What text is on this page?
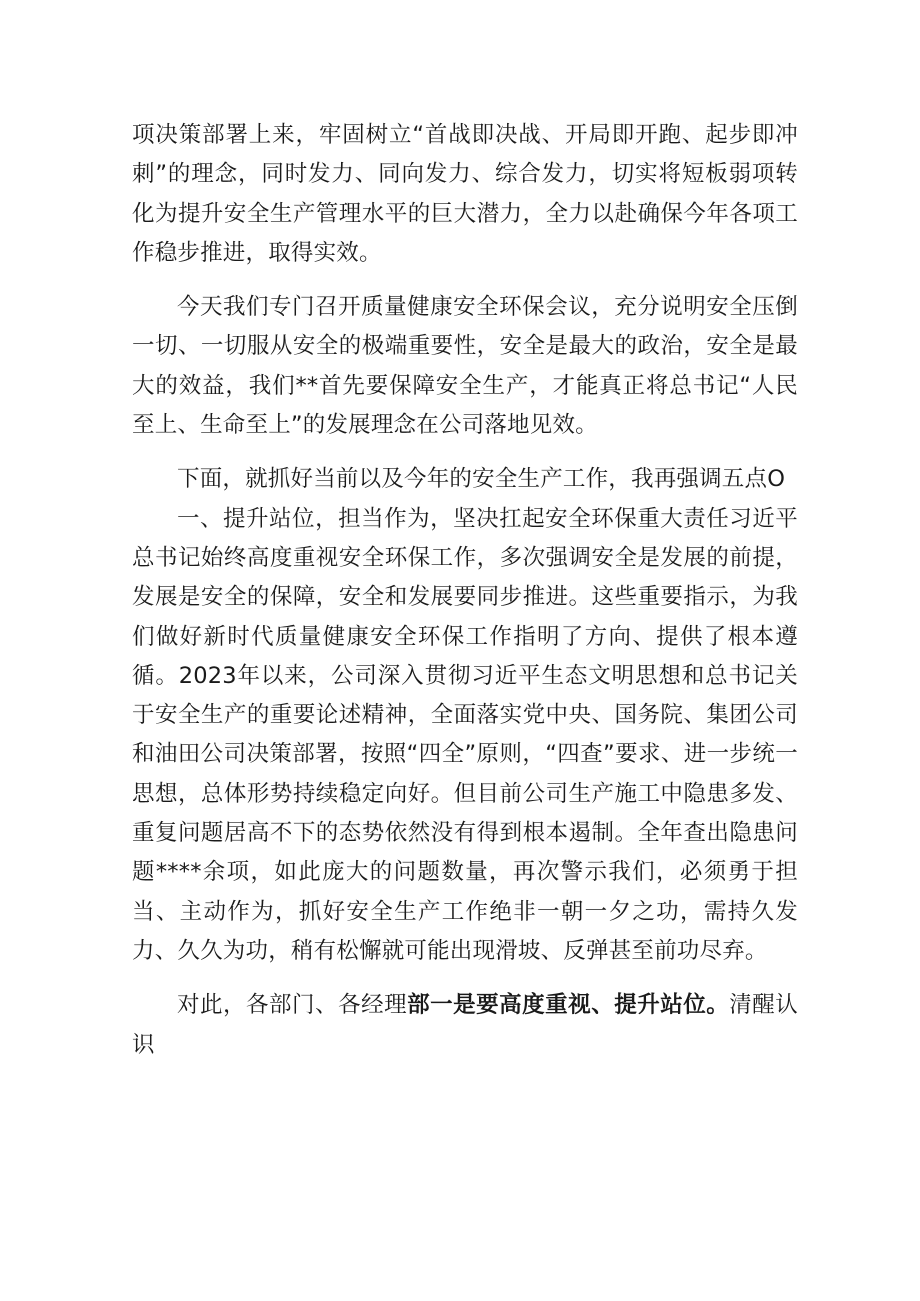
项决策部署上来，牢固树立“首战即决战、开局即开跑、起步即冲刺”的理念，同时发力、同向发力、综合发力，切实将短板弱项转化为提升安全生产管理水平的巨大潜力，全力以赴确保今年各项工作稳步推进，取得实效。

今天我们专门召开质量健康安全环保会议，充分说明安全压倒一切、一切服从安全的极端重要性，安全是最大的政治，安全是最大的效益，我们**首先要保障安全生产，才能真正将总书记“人民至上、生命至上”的发展理念在公司落地见效。

下面，就抓好当前以及今年的安全生产工作，我再强调五点O

一、提升站位，担当作为，坚决扛起安全环保重大责任习近平总书记始终高度重视安全环保工作，多次强调安全是发展的前提，发展是安全的保障，安全和发展要同步推进。这些重要指示，为我们做好新时代质量健康安全环保工作指明了方向、提供了根本遵循。2023年以来，公司深入贯彻习近平生态文明思想和总书记关于安全生产的重要论述精神，全面落实党中央、国务院、集团公司和油田公司决策部署，按照“四全”原则，“四查”要求、进一步统一思想，总体形势持续稳定向好。但目前公司生产施工中隐患多发、重复问题居高不下的态势依然没有得到根本遏制。全年查出隐患问题****余项，如此庞大的问题数量，再次警示我们，必须勇于担当、主动作为，抓好安全生产工作绝非一朝一夕之功，需持久发力、久久为功，稍有松懈就可能出现滑坡、反弹甚至前功尽弃。

对此，各部门、各经理部一是要高度重视、提升站位。清醒认识
